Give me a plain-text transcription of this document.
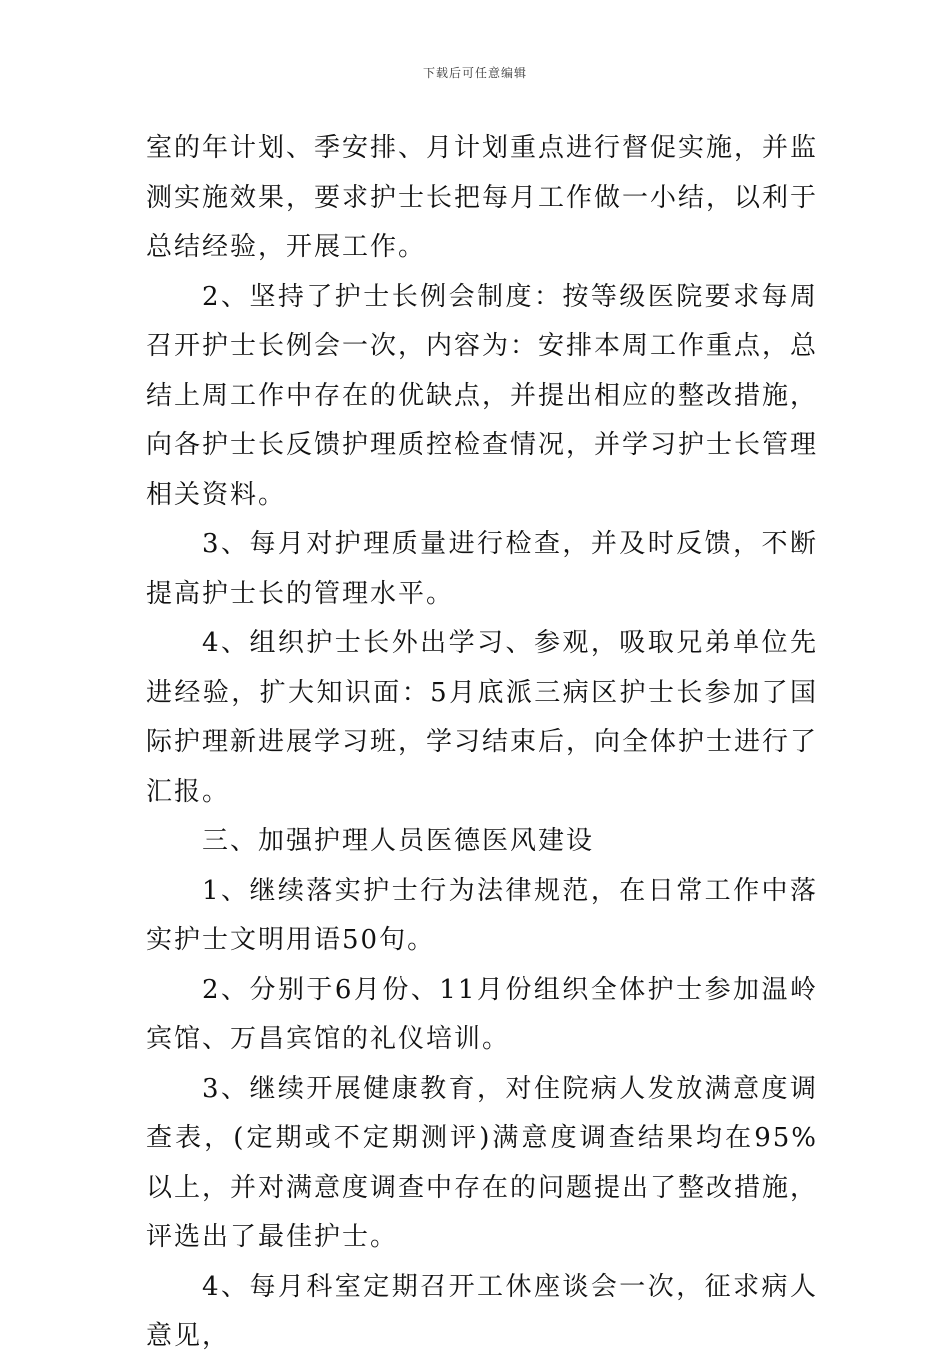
下载后可任意编辑

室的年计划、季安排、月计划重点进行督促实施，并监测实施效果，要求护士长把每月工作做一小结，以利于总结经验，开展工作。

2、坚持了护士长例会制度：按等级医院要求每周召开护士长例会一次，内容为：安排本周工作重点，总结上周工作中存在的优缺点，并提出相应的整改措施，向各护士长反馈护理质控检查情况，并学习护士长管理相关资料。

3、每月对护理质量进行检查，并及时反馈，不断提高护士长的管理水平。

4、组织护士长外出学习、参观，吸取兄弟单位先进经验，扩大知识面：5月底派三病区护士长参加了国际护理新进展学习班，学习结束后，向全体护士进行了汇报。

三、加强护理人员医德医风建设

1、继续落实护士行为法律规范，在日常工作中落实护士文明用语50句。

2、分别于6月份、11月份组织全体护士参加温岭宾馆、万昌宾馆的礼仪培训。

3、继续开展健康教育，对住院病人发放满意度调查表，(定期或不定期测评)满意度调查结果均在95%以上，并对满意度调查中存在的问题提出了整改措施，评选出了最佳护士。

4、每月科室定期召开工休座谈会一次，征求病人意见，
